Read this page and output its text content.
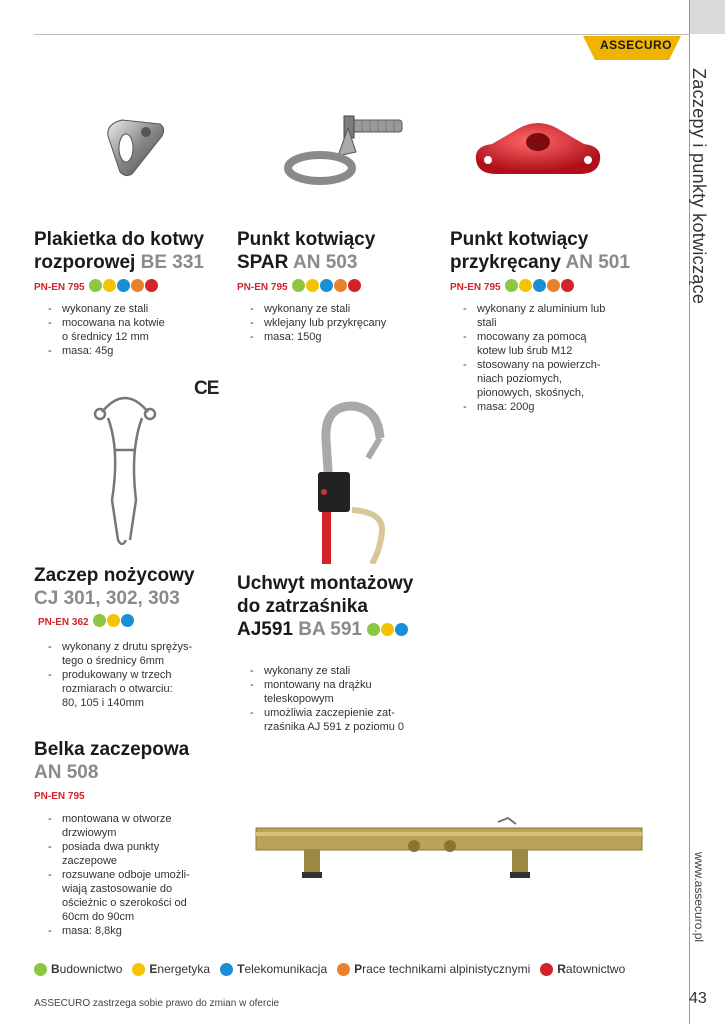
Zaczepy i punkty kotwiczące
www.assecuro.pl
43
ASSECURO
CE
Plakietka do kotwy
rozporowej BE 331
PN-EN 795
- wykonany ze stali
- mocowana na kotwie
o średnicy 12 mm
- masa: 45g
Punkt kotwiący
SPAR AN 503
PN-EN 795
- wykonany ze stali
- wklejany lub przykręcany
- masa: 150g
Punkt kotwiący
przykręcany AN 501
PN-EN 795
- wykonany z aluminium lub
stali
- mocowany za pomocą
kotew lub śrub M12
- stosowany na powierzch-
niach poziomych,
pionowych, skośnych,
- masa: 200g
Zaczep nożycowy
CJ 301, 302, 303
PN-EN 362
- wykonany z drutu sprężys-
tego o średnicy 6mm
- produkowany w trzech
rozmiarach o otwarciu:
80, 105 i 140mm
Uchwyt montażowy
do zatrzaśnika
AJ591 BA 591
- wykonany ze stali
- montowany na drążku
teleskopowym
- umożliwia zaczepienie zat-
rzaśnika AJ 591 z poziomu 0
Belka zaczepowa
AN 508
PN-EN 795
- montowana w otworze
drzwiowym
- posiada dwa punkty
zaczepowe
- rozsuwane odboje umożli-
wiają zastosowanie do
ościeżnic o szerokości od
60cm do 90cm
- masa: 8,8kg
B udownictwo E nergetyka T elekomunikacja P race technikami alpinistycznymi R atownictwo
ASSECURO zastrzega sobie prawo do zmian w ofercie
